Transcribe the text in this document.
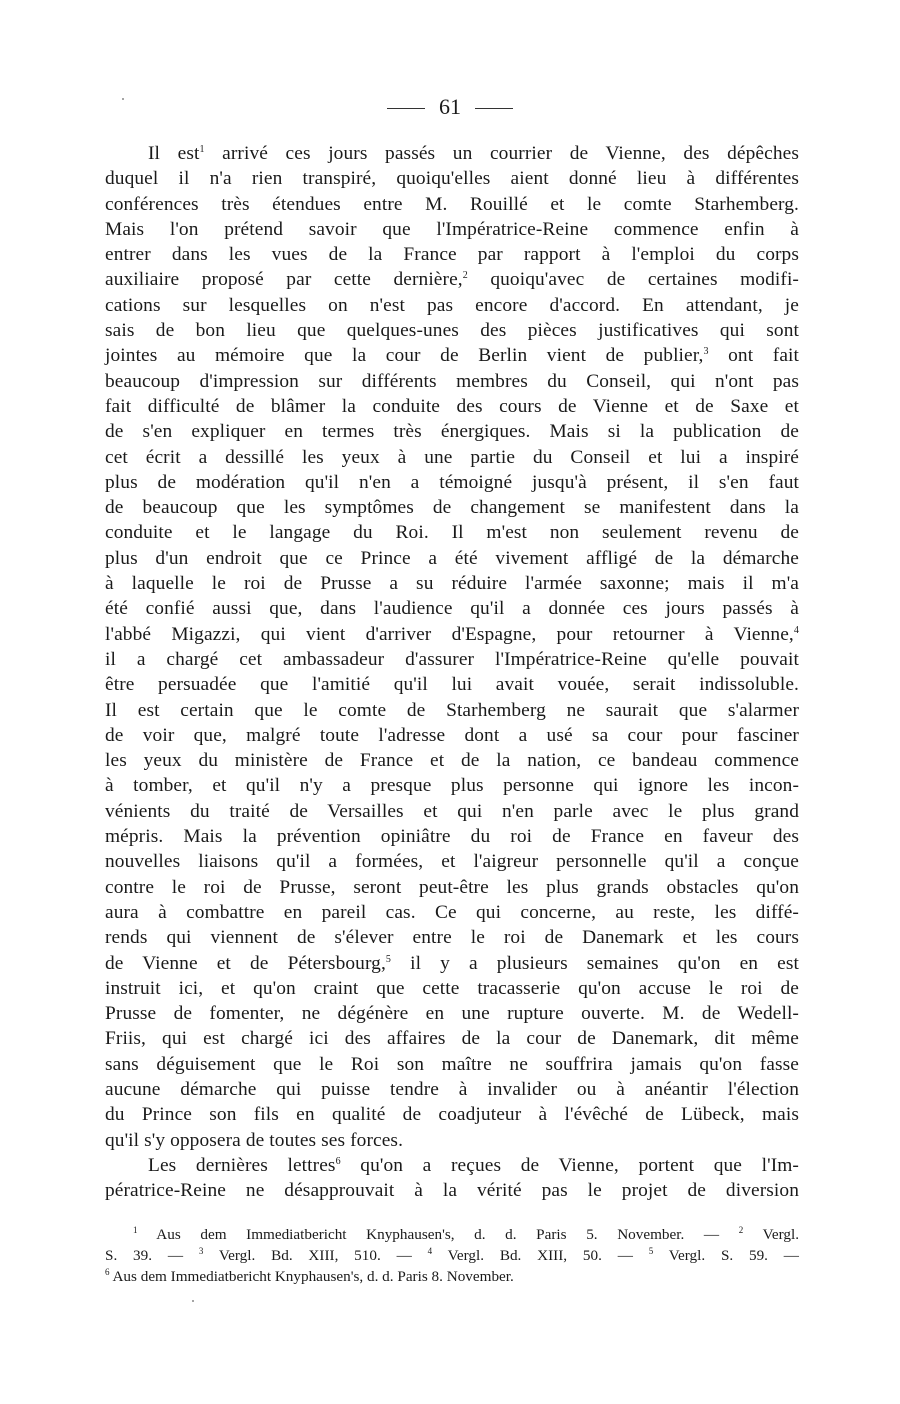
61
Il est$^1$ arrivé ces jours passés un courrier de Vienne, des dépêches
duquel il n'a rien transpiré, quoiqu'elles aient donné lieu à différentes
conférences très étendues entre M. Rouillé et le comte Starhemberg.
Mais l'on prétend savoir que l'Impératrice-Reine commence enfin à
entrer dans les vues de la France par rapport à l'emploi du corps
auxiliaire proposé par cette dernière,$^2$ quoiqu'avec de certaines modifi-
cations sur lesquelles on n'est pas encore d'accord. En attendant, je
sais de bon lieu que quelques-unes des pièces justificatives qui sont
jointes au mémoire que la cour de Berlin vient de publier,$^3$ ont fait
beaucoup d'impression sur différents membres du Conseil, qui n'ont pas
fait difficulté de blâmer la conduite des cours de Vienne et de Saxe et
de s'en expliquer en termes très énergiques. Mais si la publication de
cet écrit a dessillé les yeux à une partie du Conseil et lui a inspiré
plus de modération qu'il n'en a témoigné jusqu'à présent, il s'en faut
de beaucoup que les symptômes de changement se manifestent dans la
conduite et le langage du Roi. Il m'est non seulement revenu de
plus d'un endroit que ce Prince a été vivement affligé de la démarche
à laquelle le roi de Prusse a su réduire l'armée saxonne; mais il m'a
été confié aussi que, dans l'audience qu'il a donnée ces jours passés à
l'abbé Migazzi, qui vient d'arriver d'Espagne, pour retourner à Vienne,$^4$
il a chargé cet ambassadeur d'assurer l'Impératrice-Reine qu'elle pouvait
être persuadée que l'amitié qu'il lui avait vouée, serait indissoluble.
Il est certain que le comte de Starhemberg ne saurait que s'alarmer
de voir que, malgré toute l'adresse dont a usé sa cour pour fasciner
les yeux du ministère de France et de la nation, ce bandeau commence
à tomber, et qu'il n'y a presque plus personne qui ignore les incon-
vénients du traité de Versailles et qui n'en parle avec le plus grand
mépris. Mais la prévention opiniâtre du roi de France en faveur des
nouvelles liaisons qu'il a formées, et l'aigreur personnelle qu'il a conçue
contre le roi de Prusse, seront peut-être les plus grands obstacles qu'on
aura à combattre en pareil cas. Ce qui concerne, au reste, les diffé-
rends qui viennent de s'élever entre le roi de Danemark et les cours
de Vienne et de Pétersbourg,$^5$ il y a plusieurs semaines qu'on en est
instruit ici, et qu'on craint que cette tracasserie qu'on accuse le roi de
Prusse de fomenter, ne dégénère en une rupture ouverte. M. de Wedell-
Friis, qui est chargé ici des affaires de la cour de Danemark, dit même
sans déguisement que le Roi son maître ne souffrira jamais qu'on fasse
aucune démarche qui puisse tendre à invalider ou à anéantir l'élection
du Prince son fils en qualité de coadjuteur à l'évêché de Lübeck, mais
qu'il s'y opposera de toutes ses forces.
Les dernières lettres$^6$ qu'on a reçues de Vienne, portent que l'Im-
pératrice-Reine ne désapprouvait à la vérité pas le projet de diversion
$^1$ Aus dem Immediatbericht Knyphausen's, d. d. Paris 5. November. — $^2$ Vergl.
S. 39. — $^3$ Vergl. Bd. XIII, 510. — $^4$ Vergl. Bd. XIII, 50. — $^5$ Vergl. S. 59. —
$^6$ Aus dem Immediatbericht Knyphausen's, d. d. Paris 8. November.
